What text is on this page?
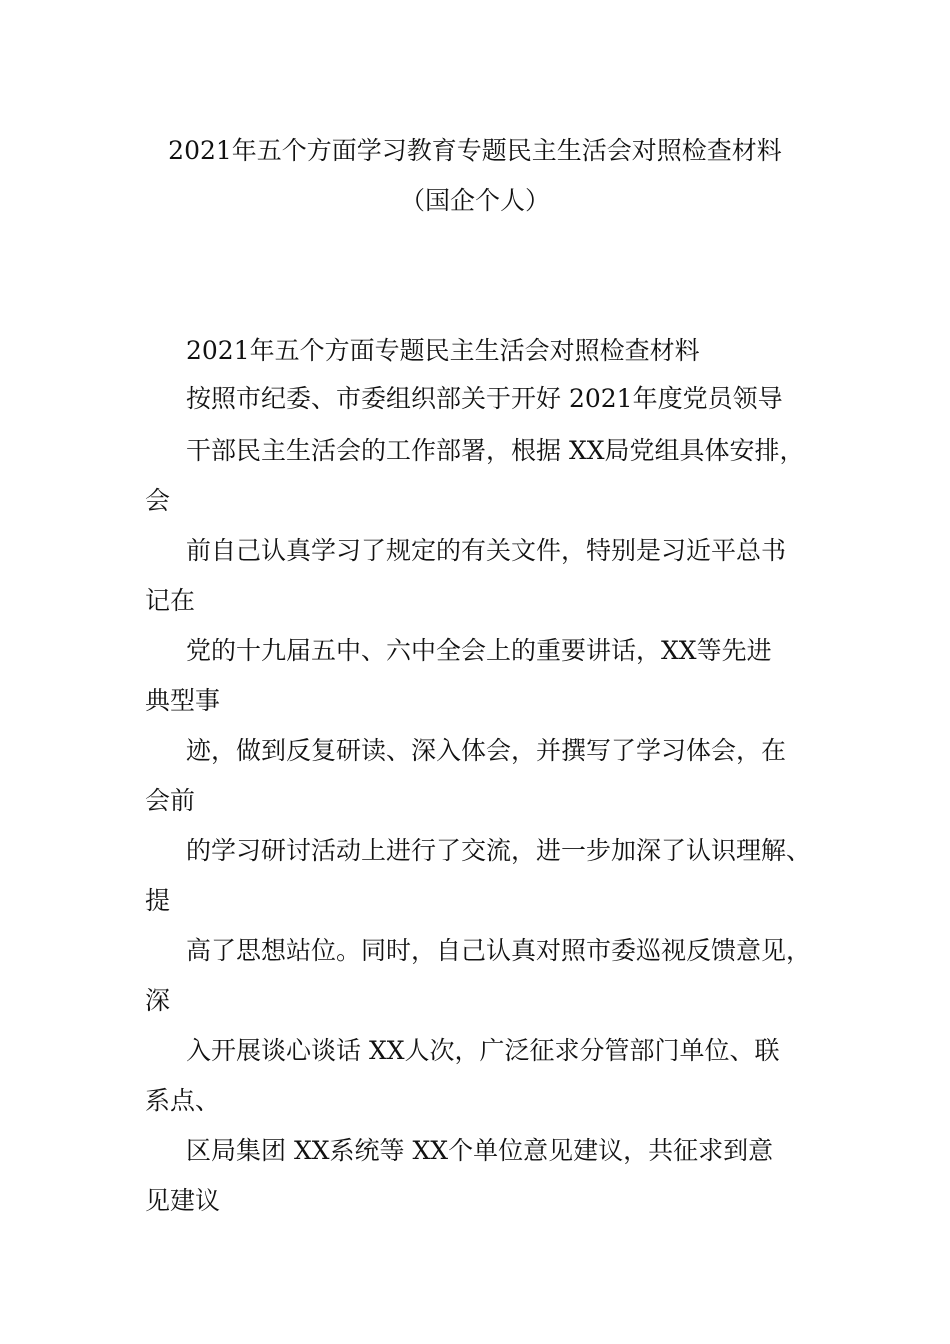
2021年五个方面学习教育专题民主生活会对照检查材料
（国企个人）
2021年五个方面专题民主生活会对照检查材料
按照市纪委、市委组织部关于开好 2021年度党员领导
干部民主生活会的工作部署，根据 XX局党组具体安排，
会
前自己认真学习了规定的有关文件，特别是习近平总书
记在
党的十九届五中、六中全会上的重要讲话，XX等先进
典型事
迹，做到反复研读、深入体会，并撰写了学习体会，在
会前
的学习研讨活动上进行了交流，进一步加深了认识理解、
提
高了思想站位。同时，自己认真对照市委巡视反馈意见，
深
入开展谈心谈话 XX人次，广泛征求分管部门单位、联
系点、
区局集团 XX系统等 XX个单位意见建议，共征求到意
见建议
